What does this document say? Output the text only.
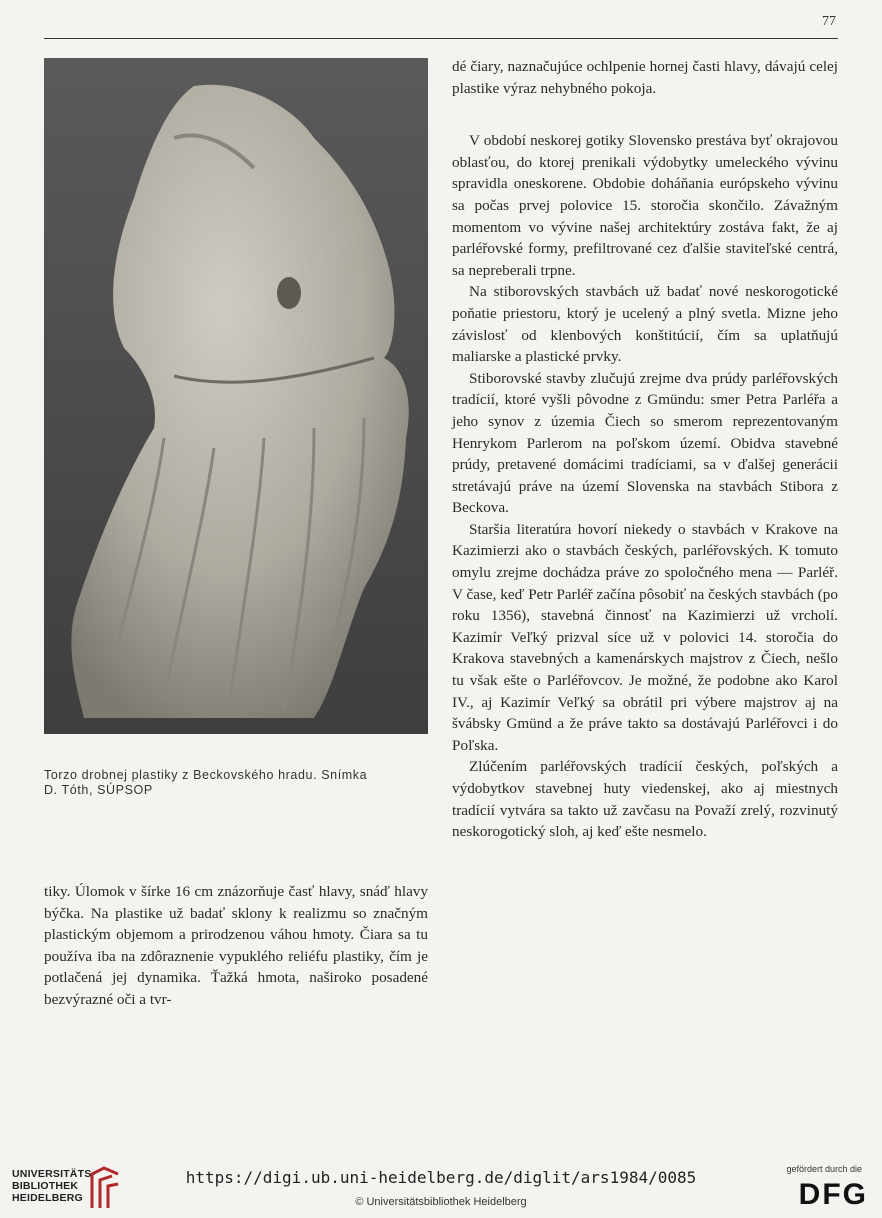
77
Torzo drobnej plastiky z Beckovského hradu. Snímka
D. Tóth, SÚPSOP

dé čiary, naznačujúce ochlpenie hornej časti hlavy, dávajú celej plastike výraz nehybného pokoja.

V období neskorej gotiky Slovensko prestáva byť okrajovou oblasťou, do ktorej prenikali výdobytky umeleckého vývinu spravidla oneskorene. Obdobie doháňania európskeho vývinu sa počas prvej polovice 15. storočia skončilo. Závažným momentom vo vývine našej architektúry zostáva fakt, že aj parléřovské formy, prefiltrované cez ďalšie staviteľské centrá, sa nepreberali trpne.

Na stiborovských stavbách už badať nové neskorogotické poňatie priestoru, ktorý je ucelený a plný svetla. Mizne jeho závislosť od klenbových konštitúcií, čím sa uplatňujú maliarske a plastické prvky.

Stiborovské stavby zlučujú zrejme dva prúdy parléřovských tradícií, ktoré vyšli pôvodne z Gmündu: smer Petra Parléřa a jeho synov z územia Čiech so smerom reprezentovaným Henrykom Parlerom na poľskom území. Obidva stavebné prúdy, pretavené domácimi tradíciami, sa v ďalšej generácii stretávajú práve na území Slovenska na stavbách Stibora z Beckova.

Staršia literatúra hovorí niekedy o stavbách v Krakove na Kazimierzi ako o stavbách českých, parléřovských. K tomuto omylu zrejme dochádza práve zo spoločného mena — Parléř. V čase, keď Petr Parléř začína pôsobiť na českých stavbách (po roku 1356), stavebná činnosť na Kazimierzi už vrcholí. Kazimír Veľký prizval síce už v polovici 14. storočia do Krakova stavebných a kamenárskych majstrov z Čiech, nešlo tu však ešte o Parléřovcov. Je možné, že podobne ako Karol IV., aj Kazimír Veľký sa obrátil pri výbere majstrov aj na švábsky Gmünd a že práve takto sa dostávajú Parléřovci i do Poľska.

Zlúčením parléřovských tradícií českých, poľských a výdobytkov stavebnej huty viedenskej, ako aj miestnych tradícií vytvára sa takto už zavčasu na Považí zrelý, rozvinutý neskorogotický sloh, aj keď ešte nesmelo.

tiky. Úlomok v šírke 16 cm znázorňuje časť hlavy, snáď hlavy býčka. Na plastike už badať sklony k realizmu so značným plastickým objemom a prirodzenou váhou hmoty. Čiara sa tu používa iba na zdôraznenie vypuklého reliéfu plastiky, čím je potlačená jej dynamika. Ťažká hmota, naširoko posadené bezvýrazné oči a tvr-

UNIVERSITÄTS-
BIBLIOTHEK
HEIDELBERG
https://digi.ub.uni-heidelberg.de/diglit/ars1984/0085
© Universitätsbibliothek Heidelberg
gefördert durch die
DFG
